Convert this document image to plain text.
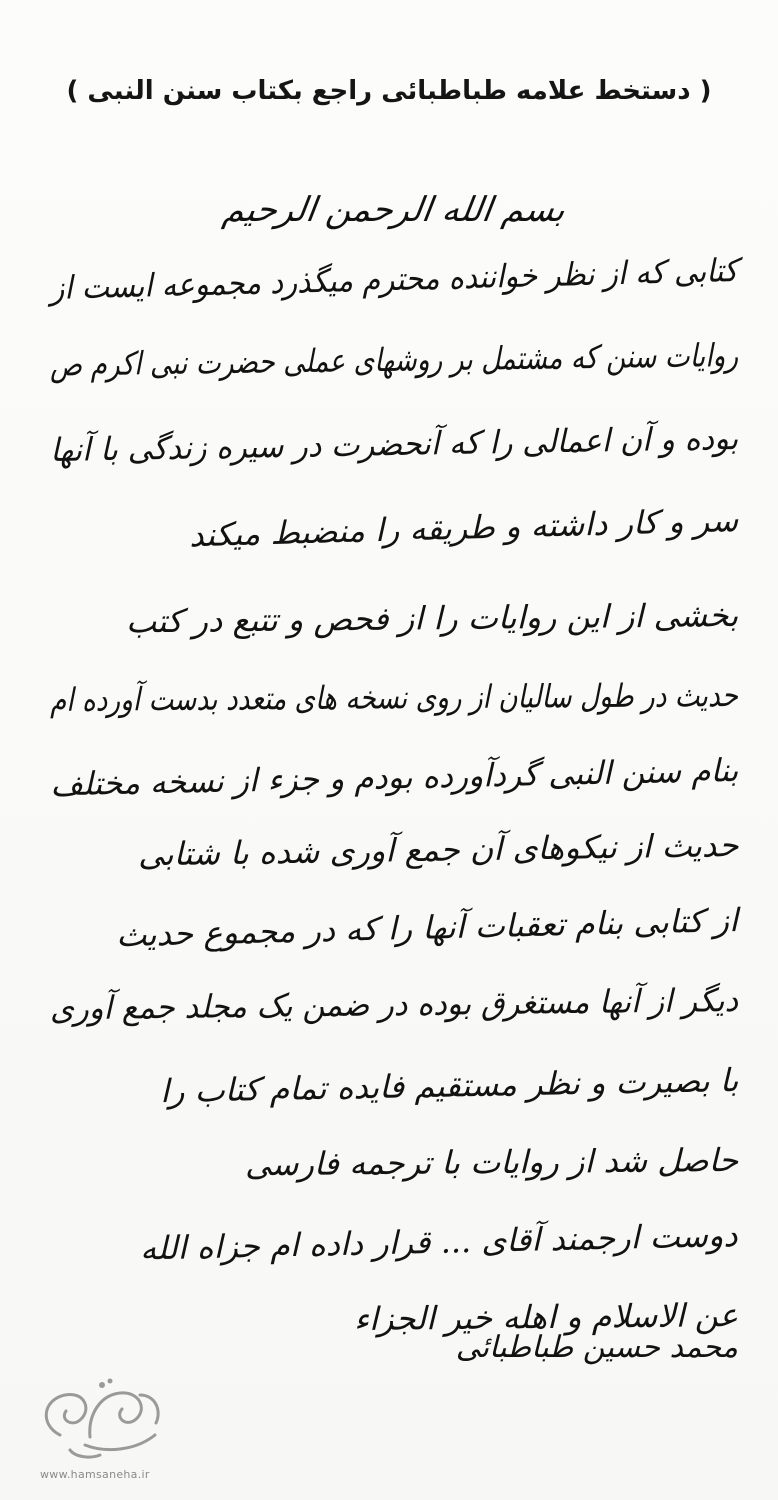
( دستخط علامه طباطبائی راجع بکتاب سنن النبی )
بسم الله الرحمن الرحیم
کتابی که از نظر خواننده محترم میگذرد مجموعه ایست از
روایات سنن که مشتمل بر روشهای عملی حضرت نبی اکرم ص
بوده و آن اعمالی را که آنحضرت در سیره زندگی با آنها
سر و کار داشته و طریقه را منضبط میکند
بخشی از این روایات را از فحص و تتبع در کتب
حدیث در طول سالیان از روی نسخه های متعدد بدست آورده ام
بنام سنن النبی گردآورده بودم و جزء از نسخه مختلف
حدیث از نیکوهای آن جمع آوری شده با شتابی
از کتابی بنام تعقبات آنها را که در مجموع حدیث
دیگر از آنها مستغرق بوده در ضمن یک مجلد جمع آوری
با بصیرت و نظر مستقیم فایده تمام کتاب را
حاصل شد از روایات با ترجمه فارسی
دوست ارجمند آقای ... قرار داده ام جزاه الله
عن الاسلام و اهله خیر الجزاء
محمد حسین طباطبائی
www.hamsaneha.ir
